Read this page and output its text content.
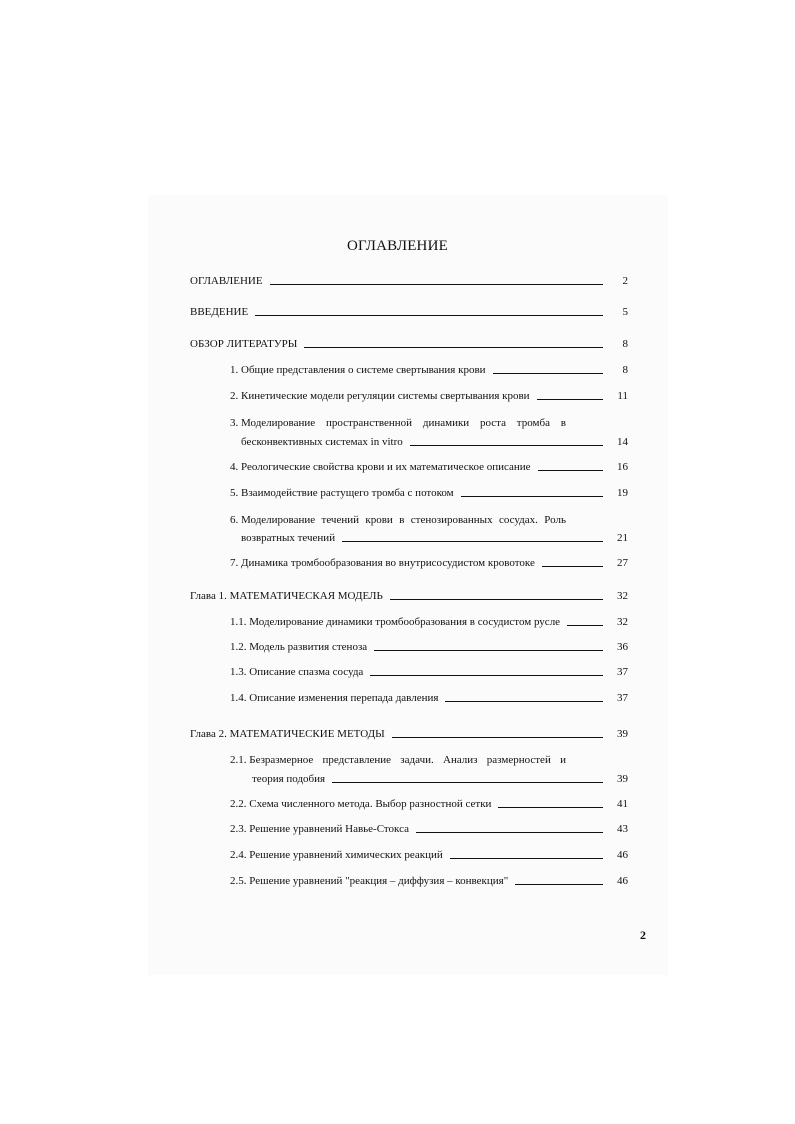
ОГЛАВЛЕНИЕ
ОГЛАВЛЕНИЕ	2
ВВЕДЕНИЕ	5
ОБЗОР ЛИТЕРАТУРЫ	8
1. Общие представления о системе свертывания крови	8
2. Кинетические модели регуляции системы свертывания крови	11
3. Моделирование пространственной динамики роста тромба в
бесконвективных системах in vitro	14
4. Реологические свойства крови и их математическое описание	16
5. Взаимодействие растущего тромба с потоком	19
6. Моделирование течений крови в стенозированных сосудах. Роль
возвратных течений	21
7. Динамика тромбообразования во внутрисосудистом кровотоке	27
Глава 1. МАТЕМАТИЧЕСКАЯ МОДЕЛЬ	32
1.1. Моделирование динамики тромбообразования в сосудистом русле	32
1.2. Модель развития стеноза	36
1.3. Описание спазма сосуда	37
1.4. Описание изменения перепада давления	37
Глава 2. МАТЕМАТИЧЕСКИЕ МЕТОДЫ	39
2.1. Безразмерное представление задачи. Анализ размерностей и
теория подобия	39
2.2. Схема численного метода. Выбор разностной сетки	41
2.3. Решение уравнений Навье-Стокса	43
2.4. Решение уравнений химических реакций	46
2.5. Решение уравнений "реакция – диффузия – конвекция"	46
2
